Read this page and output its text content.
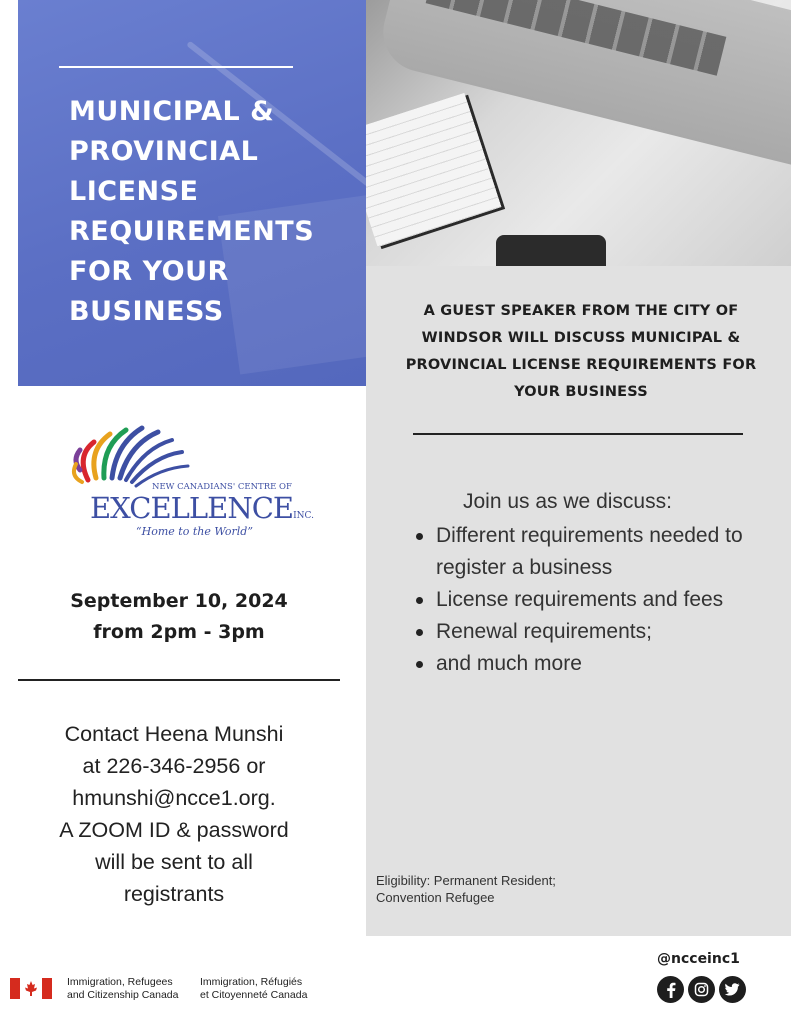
MUNICIPAL & PROVINCIAL LICENSE REQUIREMENTS FOR YOUR BUSINESS	A GUEST SPEAKER FROM THE CITY OF WINDSOR WILL DISCUSS MUNICIPAL & PROVINCIAL LICENSE REQUIREMENTS FOR YOUR BUSINESS

Join us as we discuss:

Different requirements needed to register a business
License requirements and fees
Renewal requirements;
and much more

Eligibility: Permanent Resident;
Convention Refugee

NEW CANADIANS' CENTRE OF

EXCELLENCEINC.

“Home to the World”

September 10, 2024
from 2pm - 3pm

Contact Heena Munshi
at 226-346-2956 or
hmunshi@ncce1.org.
A ZOOM ID & password
will be sent to all
registrants

Immigration, Refugees
and Citizenship Canada

Immigration, Réfugiés
et Citoyenneté Canada

@ncceinc1
